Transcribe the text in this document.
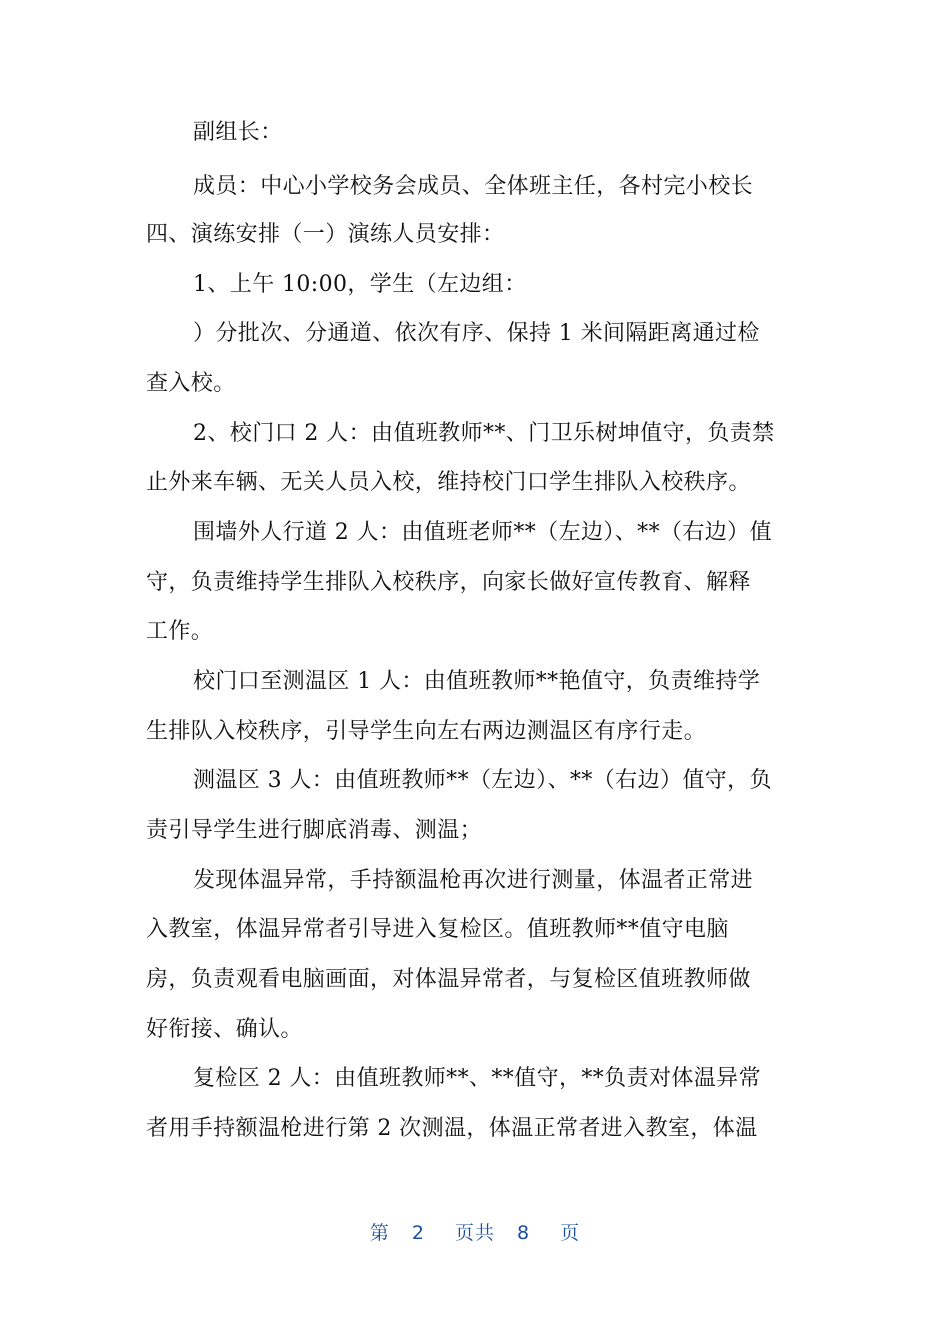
副组长：
成员：中心小学校务会成员、全体班主任，各村完小校长
四、演练安排（一）演练人员安排：
1、上午 10:00，学生（左边组：
）分批次、分通道、依次有序、保持 1 米间隔距离通过检
查入校。
2、校门口 2 人：由值班教师**、门卫乐树坤值守，负责禁
止外来车辆、无关人员入校，维持校门口学生排队入校秩序。
围墙外人行道 2 人：由值班老师**（左边）、**（右边）值
守，负责维持学生排队入校秩序，向家长做好宣传教育、解释
工作。
校门口至测温区 1 人：由值班教师**艳值守，负责维持学
生排队入校秩序，引导学生向左右两边测温区有序行走。
测温区 3 人：由值班教师**（左边）、**（右边）值守，负
责引导学生进行脚底消毒、测温；
发现体温异常，手持额温枪再次进行测量，体温者正常进
入教室，体温异常者引导进入复检区。值班教师**值守电脑
房，负责观看电脑画面，对体温异常者，与复检区值班教师做
好衔接、确认。
复检区 2 人：由值班教师**、**值守，**负责对体温异常
者用手持额温枪进行第 2 次测温，体温正常者进入教室，体温
第 2 页共 8 页
